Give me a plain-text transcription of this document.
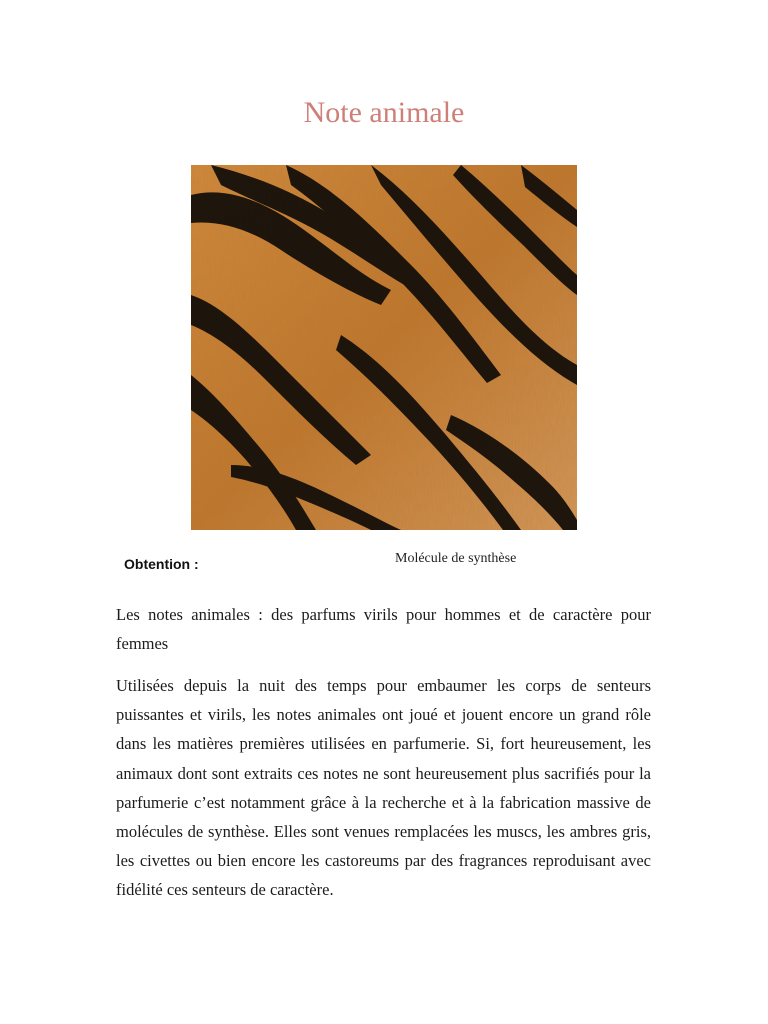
Note animale
Obtention :	Molécule de synthèse

Les notes animales : des parfums virils pour hommes et de caractère pour femmes

Utilisées depuis la nuit des temps pour embaumer les corps de senteurs puissantes et virils, les notes animales ont joué et jouent encore un grand rôle dans les matières premières utilisées en parfumerie. Si, fort heureusement, les animaux dont sont extraits ces notes ne sont heureusement plus sacrifiés pour la parfumerie c’est notamment grâce à la recherche et à la fabrication massive de molécules de synthèse. Elles sont venues remplacées les muscs, les ambres gris, les civettes ou bien encore les castoreums par des fragrances reproduisant avec fidélité ces senteurs de caractère.
